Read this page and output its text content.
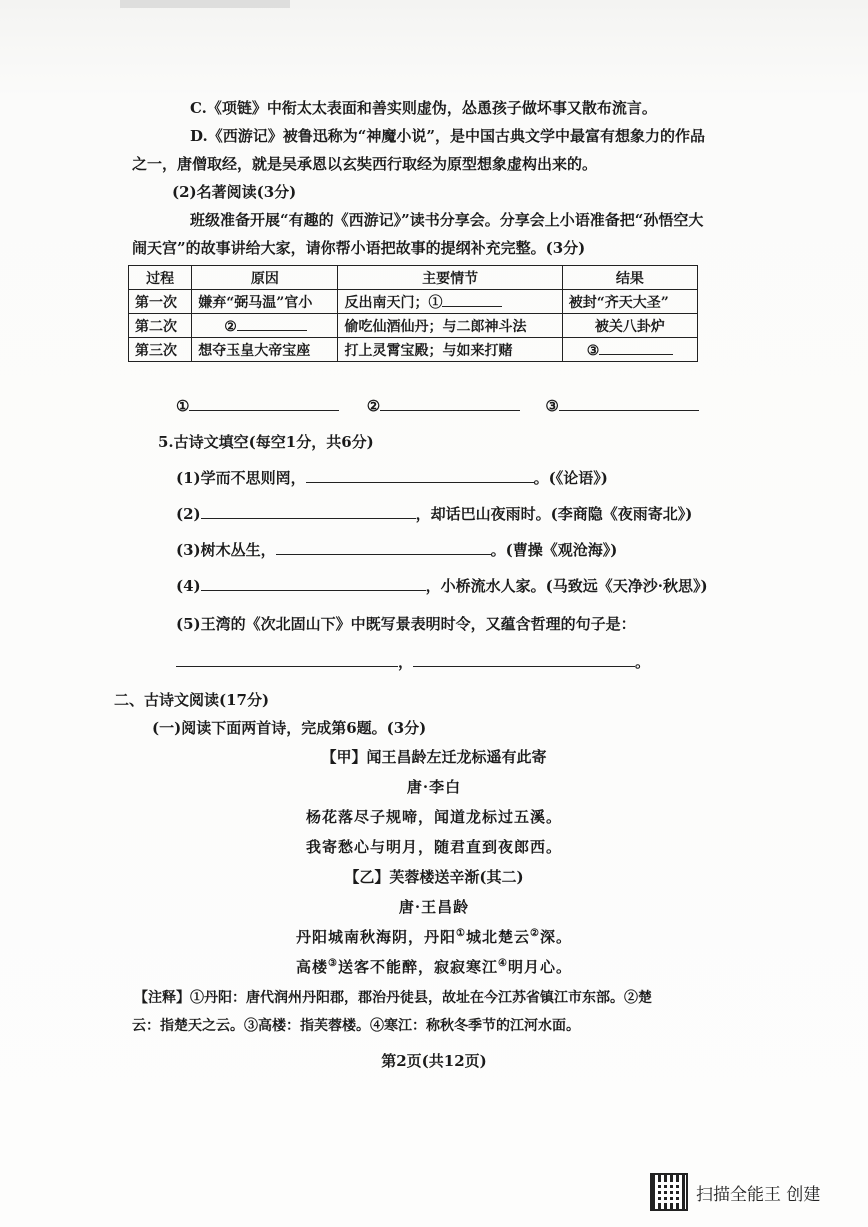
C.《项链》中衔太太表面和善实则虚伪，怂恿孩子做坏事又散布流言。
D.《西游记》被鲁迅称为“神魔小说”，是中国古典文学中最富有想象力的作品
之一，唐僧取经，就是吴承恩以玄奘西行取经为原型想象虚构出来的。
(2)名著阅读(3分)
班级准备开展“有趣的《西游记》”读书分享会。分享会上小语准备把“孙悟空大
闹天宫”的故事讲给大家，请你帮小语把故事的提纲补充完整。(3分)
过程	原因	主要情节	结果
第一次	嫌弃“弼马温”官小	反出南天门；①	被封“齐天大圣”
第二次	②	偷吃仙酒仙丹；与二郎神斗法	被关八卦炉
第三次	想夺玉皇大帝宝座	打上灵霄宝殿；与如来打赌	③
①	②	③
5.古诗文填空(每空1分，共6分)
(1)学而不思则罔，	。(《论语》)
(2)	，却话巴山夜雨时。(李商隐《夜雨寄北》)
(3)树木丛生，	。(曹操《观沧海》)
(4)	，小桥流水人家。(马致远《天净沙·秋思》)
(5)王湾的《次北固山下》中既写景表明时令，又蕴含哲理的句子是：
，	。
二、古诗文阅读(17分)
(一)阅读下面两首诗，完成第6题。(3分)
【甲】闻王昌龄左迁龙标遥有此寄
唐·李白
杨花落尽子规啼，闻道龙标过五溪。
我寄愁心与明月，随君直到夜郎西。
【乙】芙蓉楼送辛渐(其二)
唐·王昌龄
丹阳城南秋海阴，丹阳①城北楚云②深。
高楼③送客不能醉，寂寂寒江④明月心。
【注释】①丹阳：唐代润州丹阳郡，郡治丹徒县，故址在今江苏省镇江市东部。②楚
云：指楚天之云。③高楼：指芙蓉楼。④寒江：称秋冬季节的江河水面。
第2页(共12页)
扫描全能王 创建
